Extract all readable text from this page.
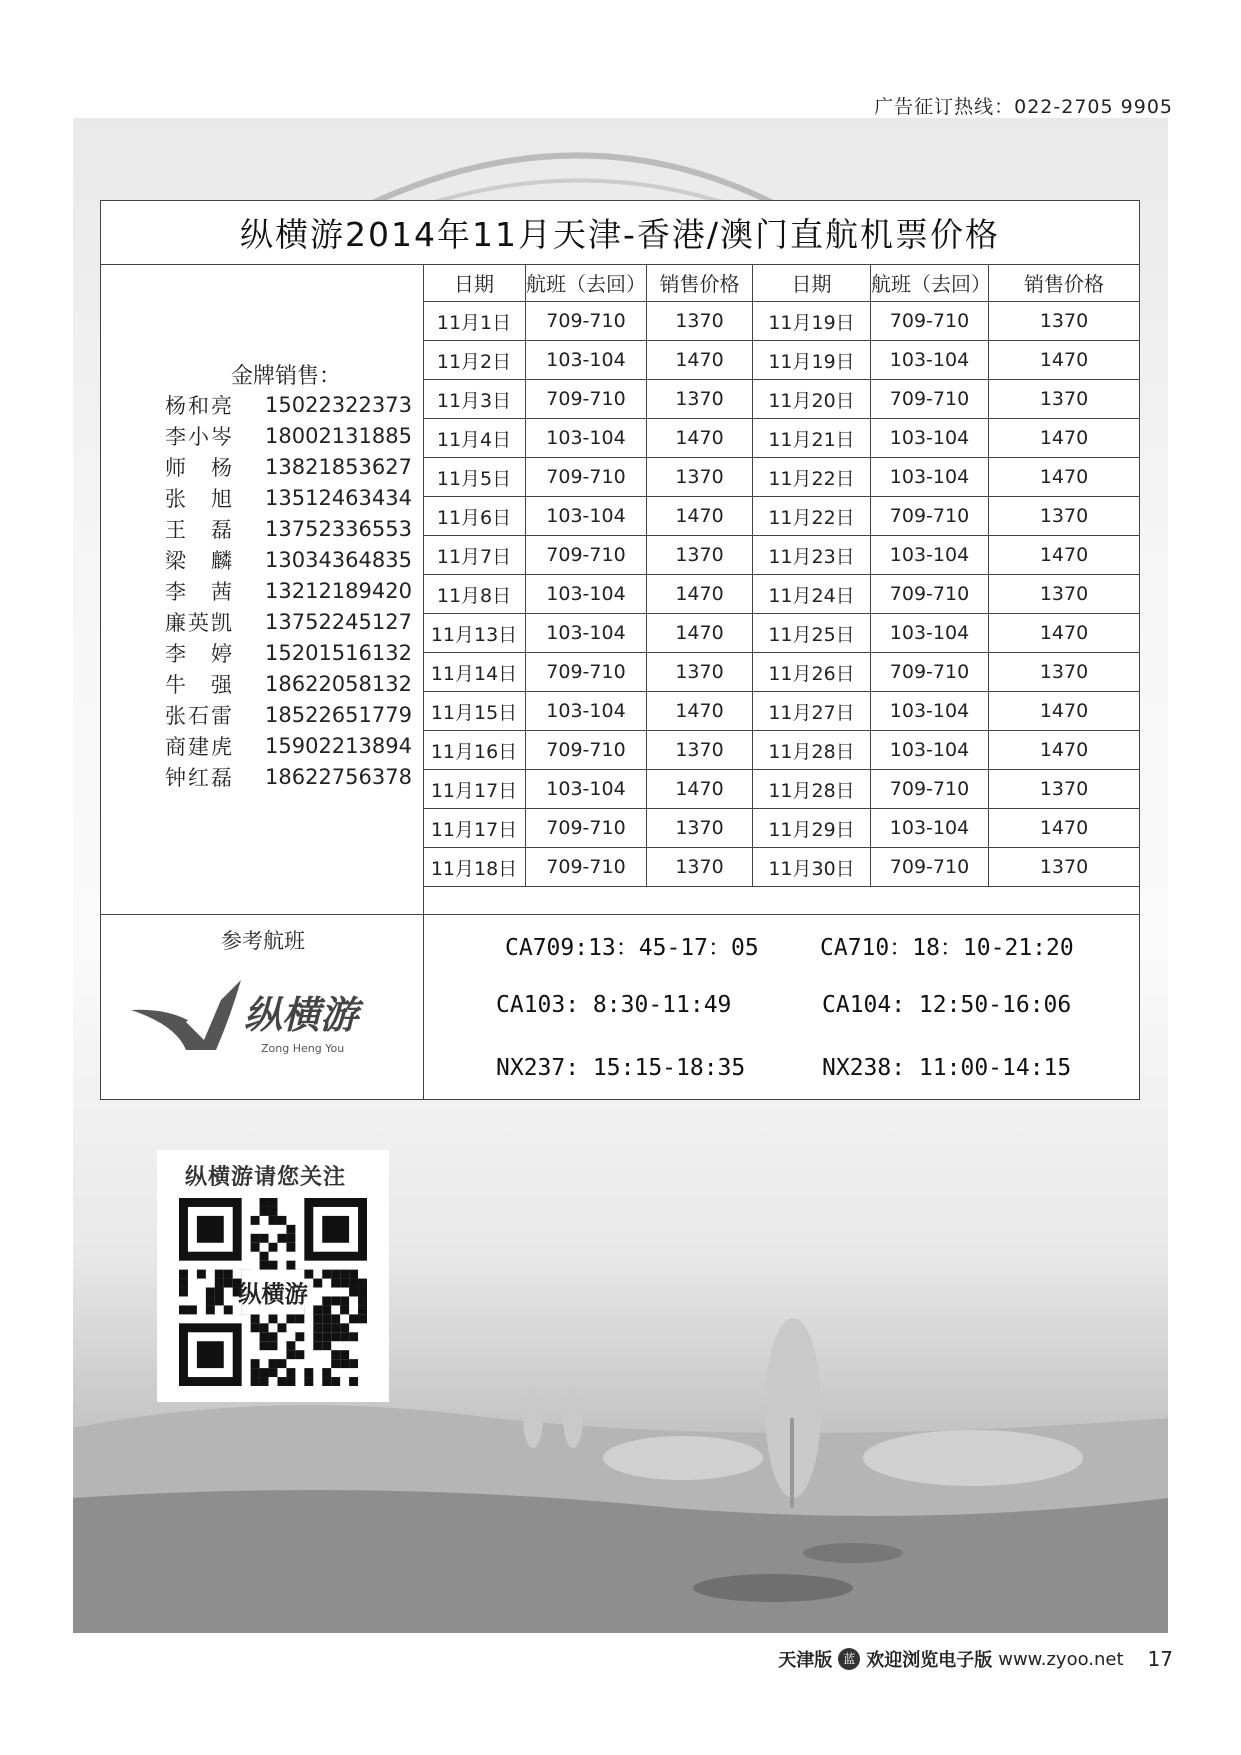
广告征订热线：022-2705 9905
纵横游2014年11月天津-香港/澳门直航机票价格
金牌销售：
杨和亮	15022322373
李小岑	18002131885
师　杨	13821853627
张　旭	13512463434
王　磊	13752336553
梁　麟	13034364835
李　茜	13212189420
廉英凯	13752245127
李　婷	15201516132
牛　强	18622058132
张石雷	18522651779
商建虎	15902213894
钟红磊	18622756378
日期	航班（去回）	销售价格	日期	航班（去回）	销售价格
11月1日	709-710	1370	11月19日	709-710	1370
11月2日	103-104	1470	11月19日	103-104	1470
11月3日	709-710	1370	11月20日	709-710	1370
11月4日	103-104	1470	11月21日	103-104	1470
11月5日	709-710	1370	11月22日	103-104	1470
11月6日	103-104	1470	11月22日	709-710	1370
11月7日	709-710	1370	11月23日	103-104	1470
11月8日	103-104	1470	11月24日	709-710	1370
11月13日	103-104	1470	11月25日	103-104	1470
11月14日	709-710	1370	11月26日	709-710	1370
11月15日	103-104	1470	11月27日	103-104	1470
11月16日	709-710	1370	11月28日	103-104	1470
11月17日	103-104	1470	11月28日	709-710	1370
11月17日	709-710	1370	11月29日	103-104	1470
11月18日	709-710	1370	11月30日	709-710	1370
参考航班
纵横游
Zong Heng You
CA709:13：45-17：05	CA710：18：10-21:20
CA103: 8:30-11:49	CA104: 12:50-16:06
NX237: 15:15-18:35	NX238: 11:00-14:15
纵横游请您关注
纵横游
天津版 蓝 欢迎浏览电子版 www.zyoo.net 17
